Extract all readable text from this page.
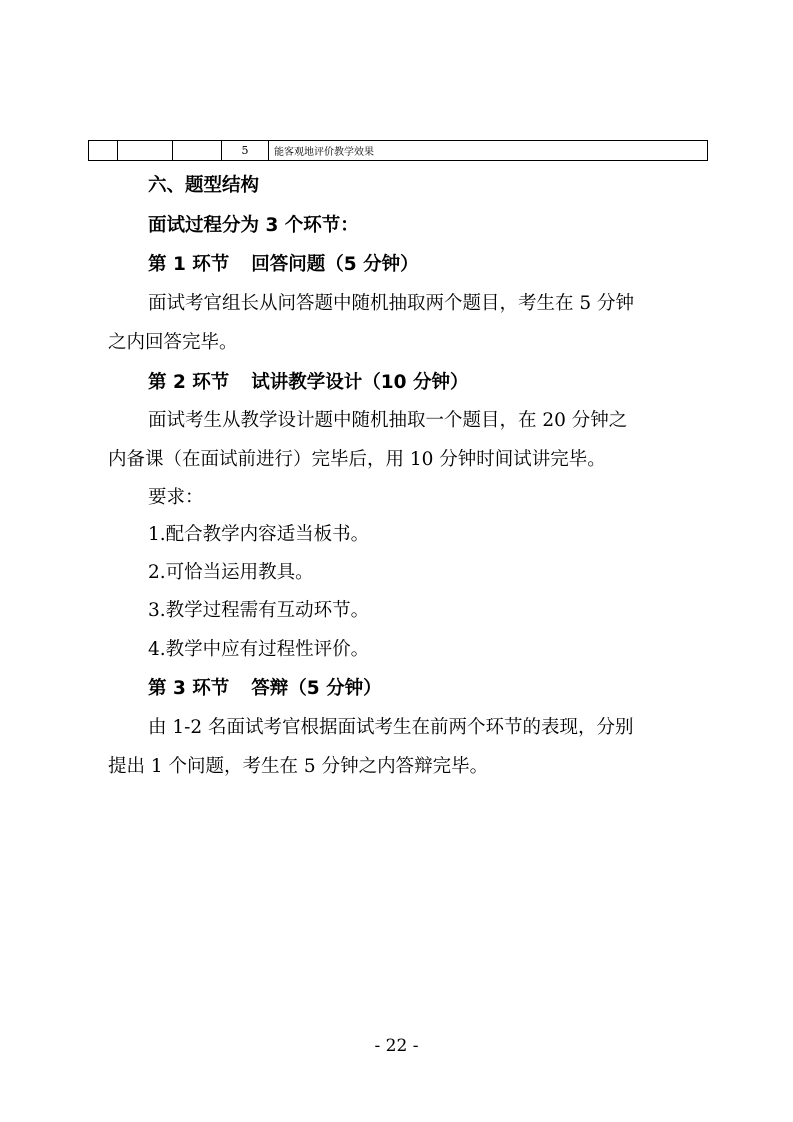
5	能客观地评价教学效果
六、题型结构
面试过程分为 3 个环节：
第 1 环节 回答问题（5 分钟）
面试考官组长从问答题中随机抽取两个题目，考生在 5 分钟
之内回答完毕。
第 2 环节 试讲教学设计（10 分钟）
面试考生从教学设计题中随机抽取一个题目，在 20 分钟之
内备课（在面试前进行）完毕后，用 10 分钟时间试讲完毕。
要求：
1.配合教学内容适当板书。
2.可恰当运用教具。
3.教学过程需有互动环节。
4.教学中应有过程性评价。
第 3 环节 答辩（5 分钟）
由 1-2 名面试考官根据面试考生在前两个环节的表现，分别
提出 1 个问题，考生在 5 分钟之内答辩完毕。
- 22 -
